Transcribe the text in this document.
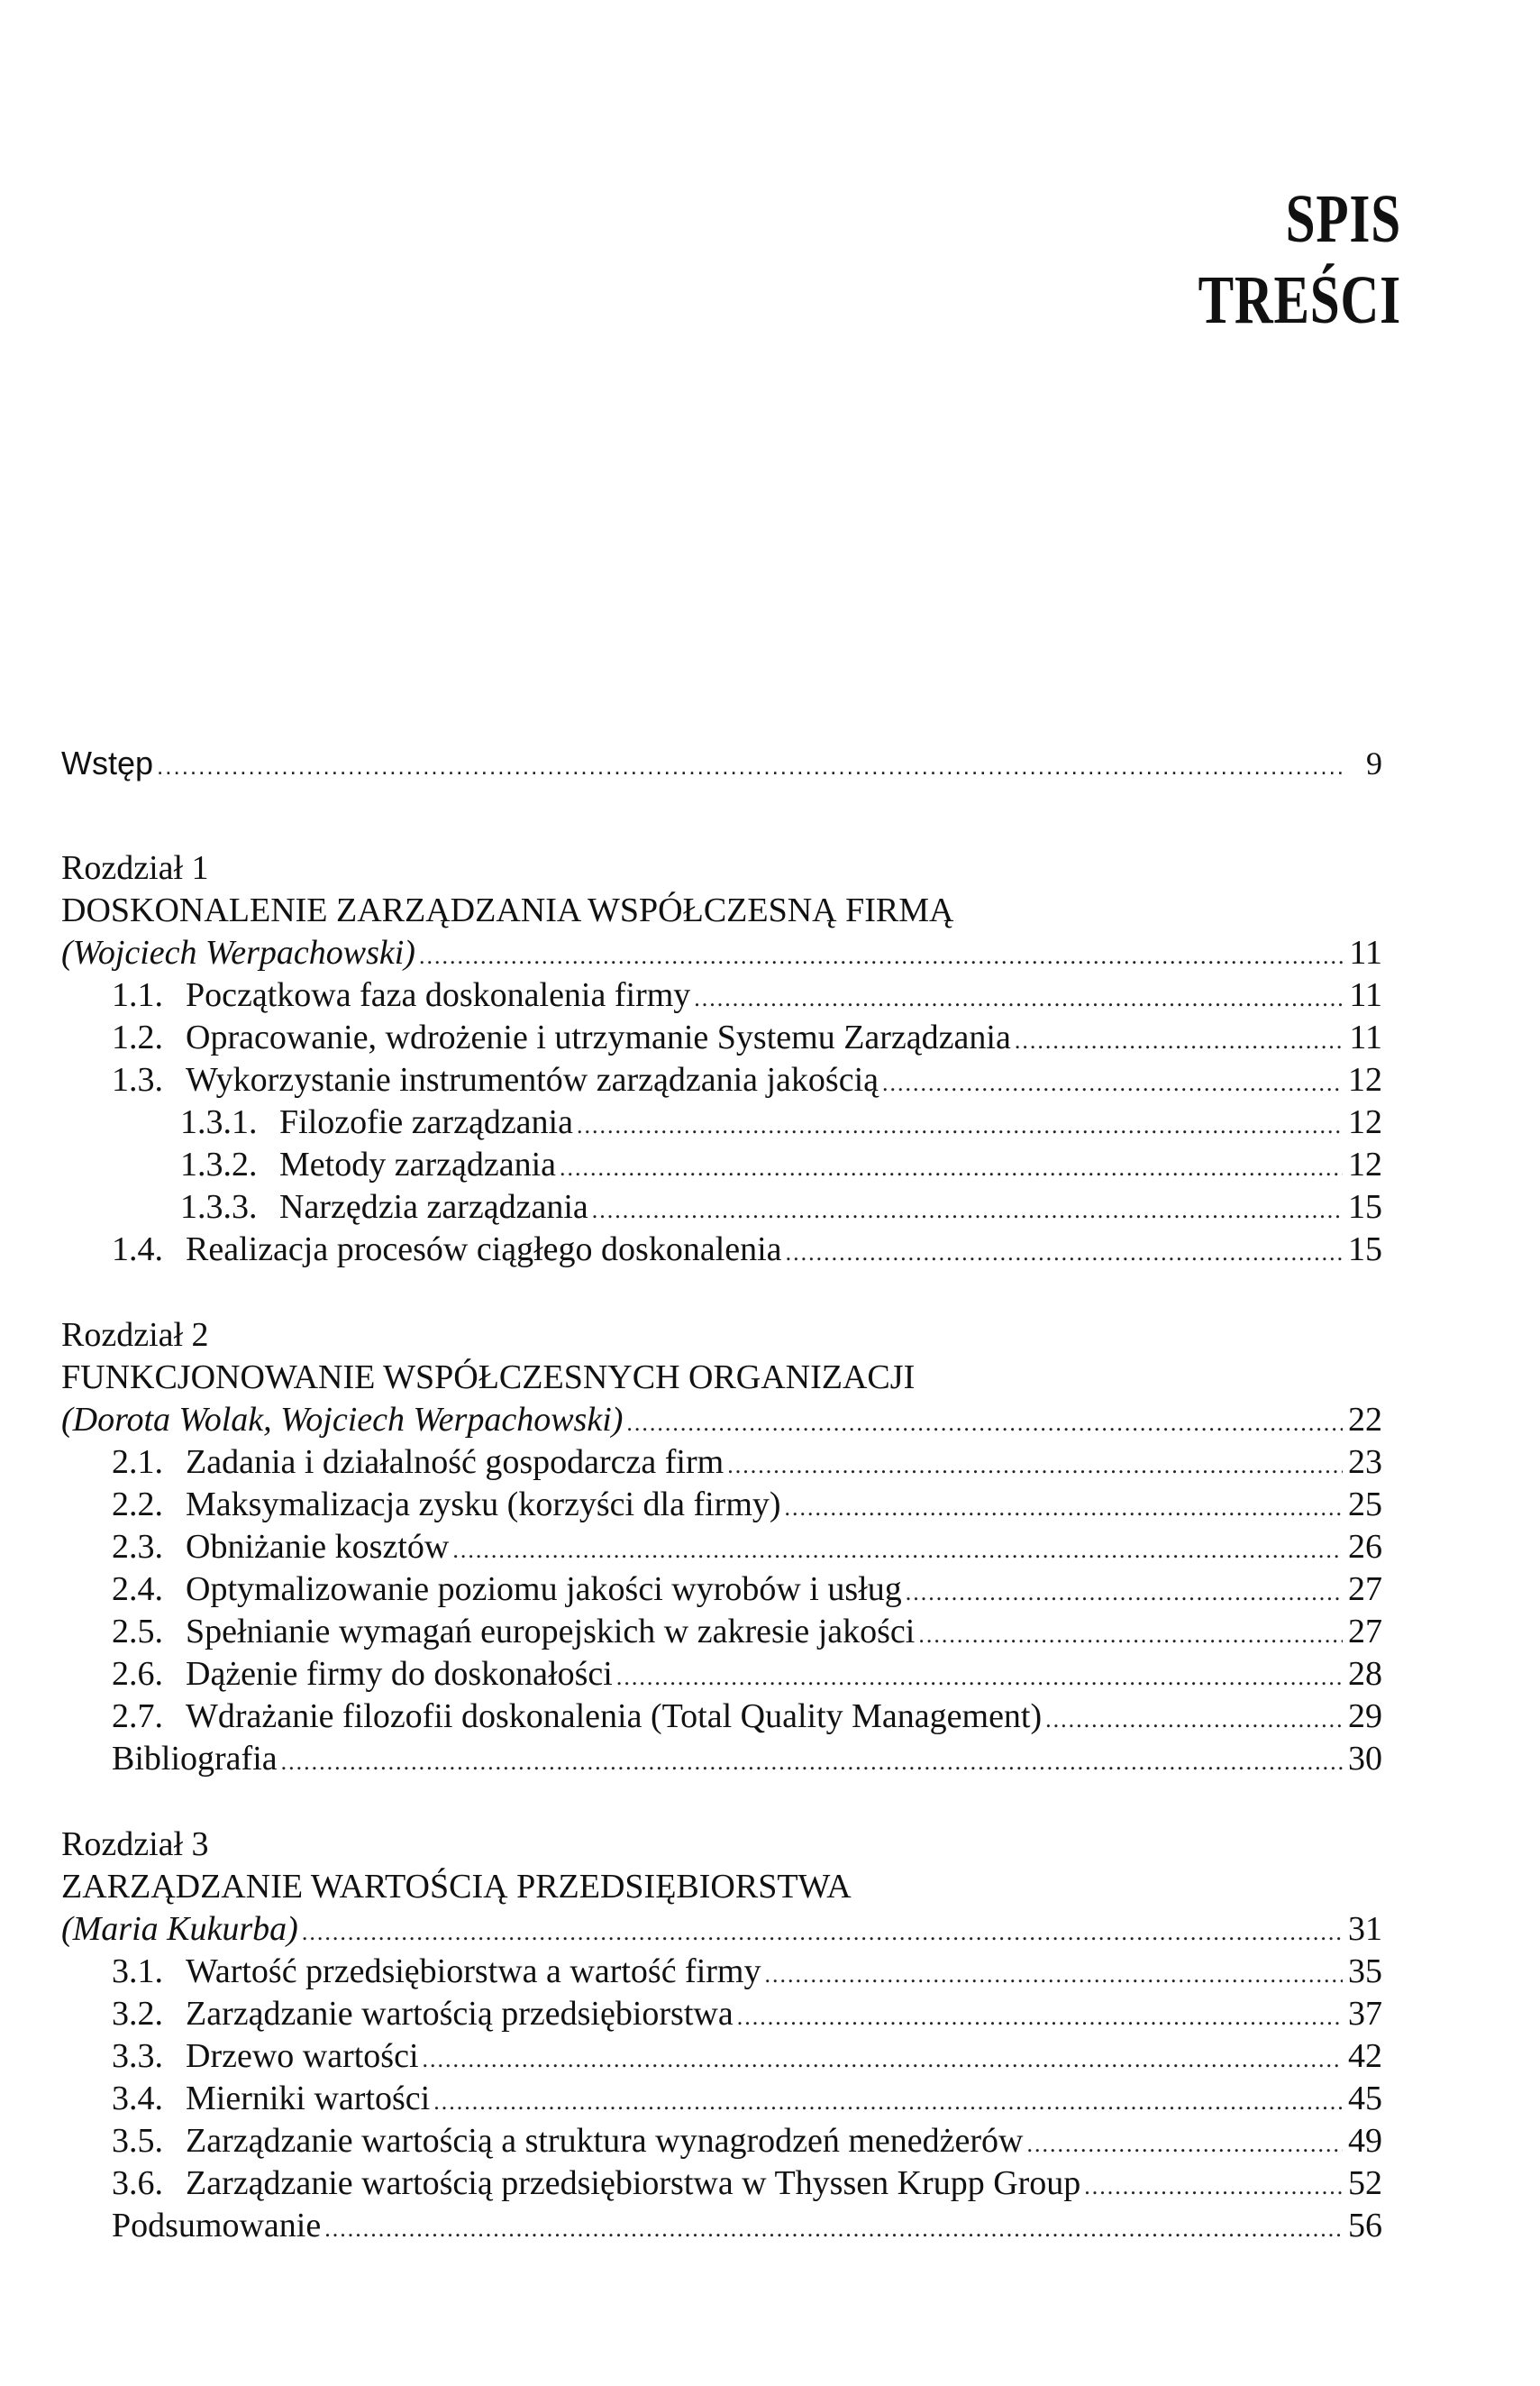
SPIS TREŚCI
Wstęp .....	9
Rozdział 1
DOSKONALENIE ZARZĄDZANIA WSPÓŁCZESNĄ FIRMĄ
(Wojciech Werpachowski) .....	11
1.1. Początkowa faza doskonalenia firmy .....	11
1.2. Opracowanie, wdrożenie i utrzymanie Systemu Zarządzania .....	11
1.3. Wykorzystanie instrumentów zarządzania jakością .....	12
1.3.1. Filozofie zarządzania .....	12
1.3.2. Metody zarządzania .....	12
1.3.3. Narzędzia zarządzania .....	15
1.4. Realizacja procesów ciągłego doskonalenia .....	15
Rozdział 2
FUNKCJONOWANIE WSPÓŁCZESNYCH ORGANIZACJI
(Dorota Wolak, Wojciech Werpachowski) .....	22
2.1. Zadania i działalność gospodarcza firm .....	23
2.2. Maksymalizacja zysku (korzyści dla firmy) .....	25
2.3. Obniżanie kosztów .....	26
2.4. Optymalizowanie poziomu jakości wyrobów i usług .....	27
2.5. Spełnianie wymagań europejskich w zakresie jakości .....	27
2.6. Dążenie firmy do doskonałości .....	28
2.7. Wdrażanie filozofii doskonalenia (Total Quality Management) .....	29
Bibliografia .....	30
Rozdział 3
ZARZĄDZANIE WARTOŚCIĄ PRZEDSIĘBIORSTWA
(Maria Kukurba) .....	31
3.1. Wartość przedsiębiorstwa a wartość firmy .....	35
3.2. Zarządzanie wartością przedsiębiorstwa .....	37
3.3. Drzewo wartości .....	42
3.4. Mierniki wartości .....	45
3.5. Zarządzanie wartością a struktura wynagrodzeń menedżerów .....	49
3.6. Zarządzanie wartością przedsiębiorstwa w Thyssen Krupp Group .....	52
Podsumowanie .....	56
